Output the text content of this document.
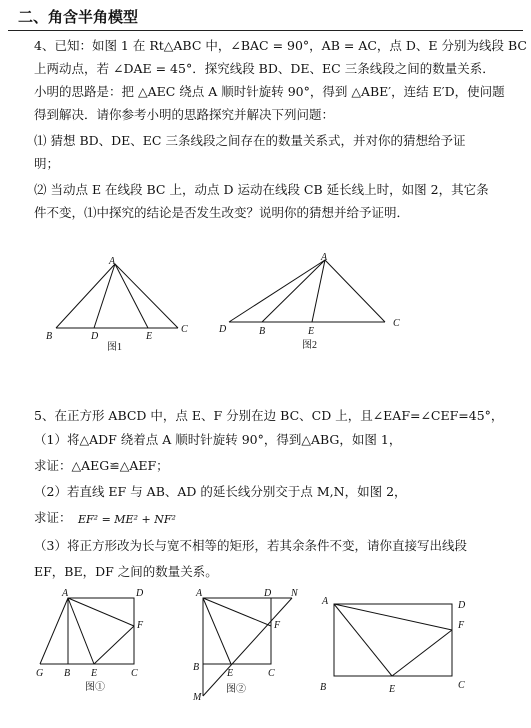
二、角含半角模型
4、已知：如图 1 在 Rt△ABC 中，∠BAC = 90°，AB = AC，点 D、E 分别为线段 BC
上两动点，若 ∠DAE = 45°．探究线段 BD、DE、EC 三条线段之间的数量关系．
小明的思路是：把 △AEC 绕点 A 顺时针旋转 90°，得到 △ABE′，连结 E′D，使问题
得到解决．请你参考小明的思路探究并解决下列问题：
⑴ 猜想 BD、DE、EC 三条线段之间存在的数量关系式，并对你的猜想给予证
明；
⑵ 当动点 E 在线段 BC 上，动点 D 运动在线段 CB 延长线上时，如图 2，其它条
件不变，⑴中探究的结论是否发生改变？说明你的猜想并给予证明．
A
B	D	E
C
A
D	B	E
C
图1	图2
5、在正方形 ABCD 中，点 E、F 分别在边 BC、CD 上，且∠EAF=∠CEF=45°，
（1）将△ADF 绕着点 A 顺时针旋转 90°，得到△ABG，如图 1，
求证：△AEG≌△AEF；
（2）若直线 EF 与 AB、AD 的延长线分别交于点 M,N，如图 2，
求证： EF² = ME² + NF²
（3）将正方形改为长与宽不相等的矩形，若其余条件不变，请你直接写出线段
EF，BE，DF 之间的数量关系。
A	D
F
G B E	C
A	D N
F
B
E	C
M
A	D
F
B	E	C
图①	图②
